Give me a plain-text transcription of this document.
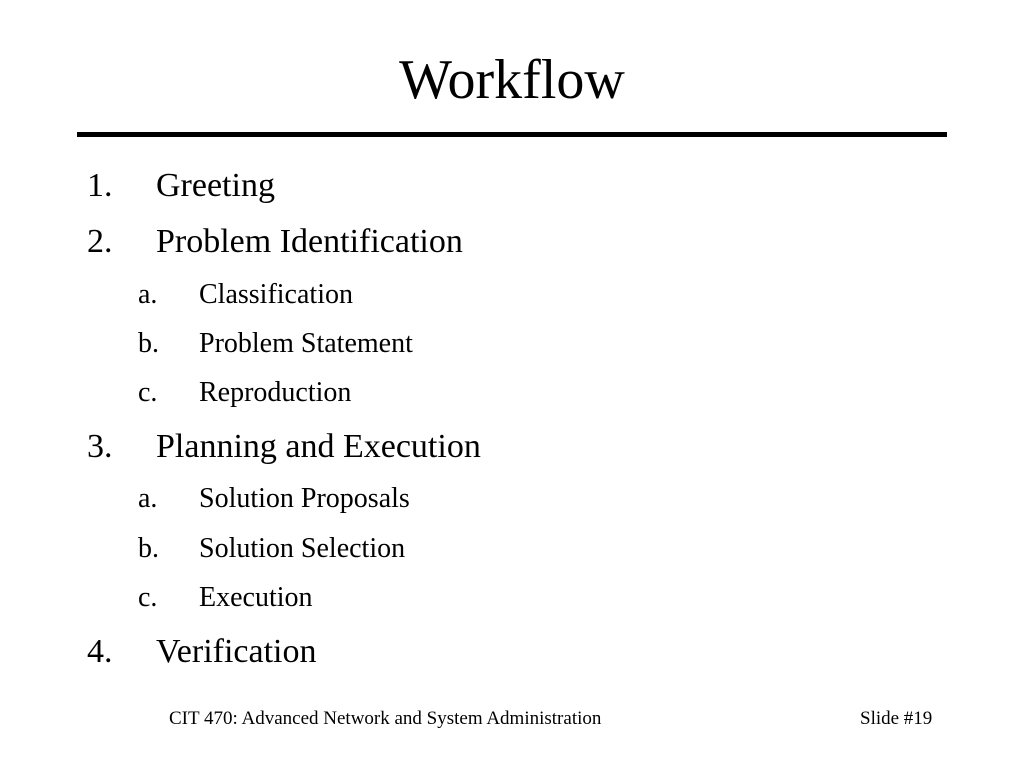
Workflow
1. Greeting
2. Problem Identification
a. Classification
b. Problem Statement
c. Reproduction
3. Planning and Execution
a. Solution Proposals
b. Solution Selection
c. Execution
4. Verification
CIT 470: Advanced Network and System Administration	Slide #19
